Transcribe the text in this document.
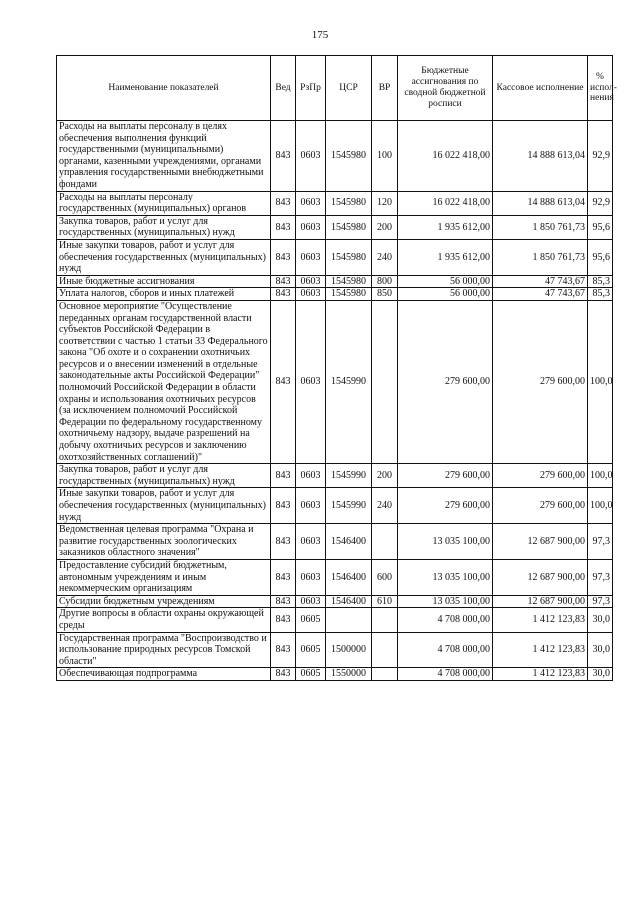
175
Наименование показателей	Вед	РзПр	ЦСР	ВР	Бюджетные ассигнования по сводной бюджетной росписи	Кассовое исполнение	% испол-нения
Расходы на выплаты персоналу в целях обеспечения выполнения функций государственными (муниципальными) органами, казенными учреждениями, органами управления государственными внебюджетными фондами	843	0603	1545980	100	16 022 418,00	14 888 613,04	92,9
Расходы на выплаты персоналу государственных (муниципальных) органов	843	0603	1545980	120	16 022 418,00	14 888 613,04	92,9
Закупка товаров, работ и услуг для государственных (муниципальных) нужд	843	0603	1545980	200	1 935 612,00	1 850 761,73	95,6
Иные закупки товаров, работ и услуг для обеспечения государственных (муниципальных) нужд	843	0603	1545980	240	1 935 612,00	1 850 761,73	95,6
Иные бюджетные ассигнования	843	0603	1545980	800	56 000,00	47 743,67	85,3
Уплата налогов, сборов и иных платежей	843	0603	1545980	850	56 000,00	47 743,67	85,3
Основное мероприятие "Осуществление переданных органам государственной власти субъектов Российской Федерации в соответствии с частью 1 статьи 33 Федерального закона "Об охоте и о сохранении охотничьих ресурсов и о внесении изменений в отдельные законодательные акты Российской Федерации" полномочий Российской Федерации в области охраны и использования охотничьих ресурсов (за исключением полномочий Российской Федерации по федеральному государственному охотничьему надзору, выдаче разрешений на добычу охотничьих ресурсов и заключению охотхозяйственных соглашений)"	843	0603	1545990		279 600,00	279 600,00	100,0
Закупка товаров, работ и услуг для государственных (муниципальных) нужд	843	0603	1545990	200	279 600,00	279 600,00	100,0
Иные закупки товаров, работ и услуг для обеспечения государственных (муниципальных) нужд	843	0603	1545990	240	279 600,00	279 600,00	100,0
Ведомственная целевая программа "Охрана и развитие государственных зоологических заказников областного значения"	843	0603	1546400		13 035 100,00	12 687 900,00	97,3
Предоставление субсидий бюджетным, автономным учреждениям и иным некоммерческим организациям	843	0603	1546400	600	13 035 100,00	12 687 900,00	97,3
Субсидии бюджетным учреждениям	843	0603	1546400	610	13 035 100,00	12 687 900,00	97,3
Другие вопросы в области охраны окружающей среды	843	0605			4 708 000,00	1 412 123,83	30,0
Государственная программа "Воспроизводство и использование природных ресурсов Томской области"	843	0605	1500000		4 708 000,00	1 412 123,83	30,0
Обеспечивающая подпрограмма	843	0605	1550000		4 708 000,00	1 412 123,83	30,0
